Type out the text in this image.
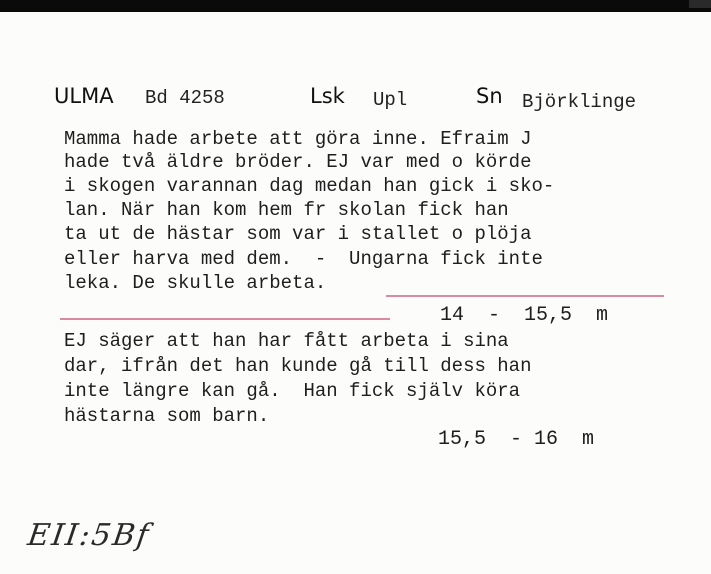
ULMA Bd 4258	Lsk Upl	Sn Björklinge
Mamma hade arbete att göra inne. Efraim J
hade två äldre bröder. EJ var med o körde
i skogen varannan dag medan han gick i sko-
lan. När han kom hem fr skolan fick han
ta ut de hästar som var i stallet o plöja
eller harva med dem.  -  Ungarna fick inte
leka. De skulle arbeta.
14  -  15,5  m
EJ säger att han har fått arbeta i sina
dar, ifrån det han kunde gå till dess han
inte längre kan gå.  Han fick själv köra
hästarna som barn.
15,5  - 16  m
EII:5Bf
